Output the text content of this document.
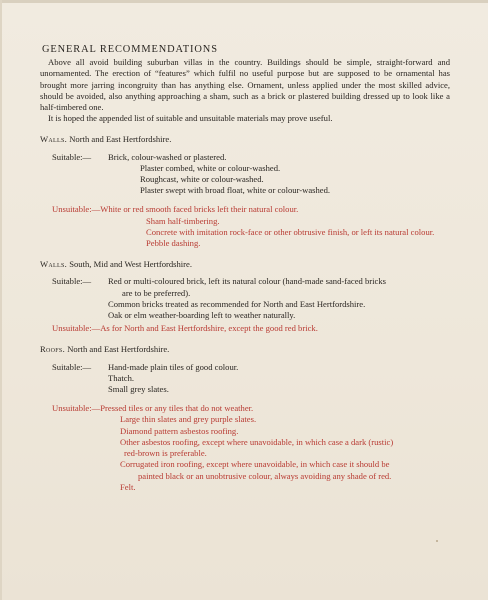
GENERAL RECOMMENDATIONS

Above all avoid building suburban villas in the country. Buildings should be simple, straight-forward and unornamented. The erection of “features” which fulfil no useful purpose but are supposed to be ornamental has brought more jarring incongruity than has anything else. Ornament, unless applied under the most skilled advice, should be avoided, also anything approaching a sham, such as a brick or plastered building dressed up to look like a half-timbered one.

It is hoped the appended list of suitable and unsuitable materials may prove useful.

Walls. North and East Hertfordshire.
Suitable:—	Brick, colour-washed or plastered.
Plaster combed, white or colour-washed.
Roughcast, white or colour-washed.
Plaster swept with broad float, white or colour-washed.
Unsuitable:— White or red smooth faced bricks left their natural colour.
Sham half-timbering.
Concrete with imitation rock-face or other obtrusive finish, or left its natural colour.
Pebble dashing.
Walls. South, Mid and West Hertfordshire.
Suitable:—	Red or multi-coloured brick, left its natural colour (hand-made sand-faced bricks
are to be preferred).
Common bricks treated as recommended for North and East Hertfordshire.
Oak or elm weather-boarding left to weather naturally.
Unsuitable:— As for North and East Hertfordshire, except the good red brick.
Roofs. North and East Hertfordshire.
Suitable:—	Hand-made plain tiles of good colour.
Thatch.
Small grey slates.
Unsuitable:— Pressed tiles or any tiles that do not weather.
Large thin slates and grey purple slates.
Diamond pattern asbestos roofing.
Other asbestos roofing, except where unavoidable, in which case a dark (rustic)
red-brown is preferable.
Corrugated iron roofing, except where unavoidable, in which case it should be
painted black or an unobtrusive colour, always avoiding any shade of red.
Felt.
